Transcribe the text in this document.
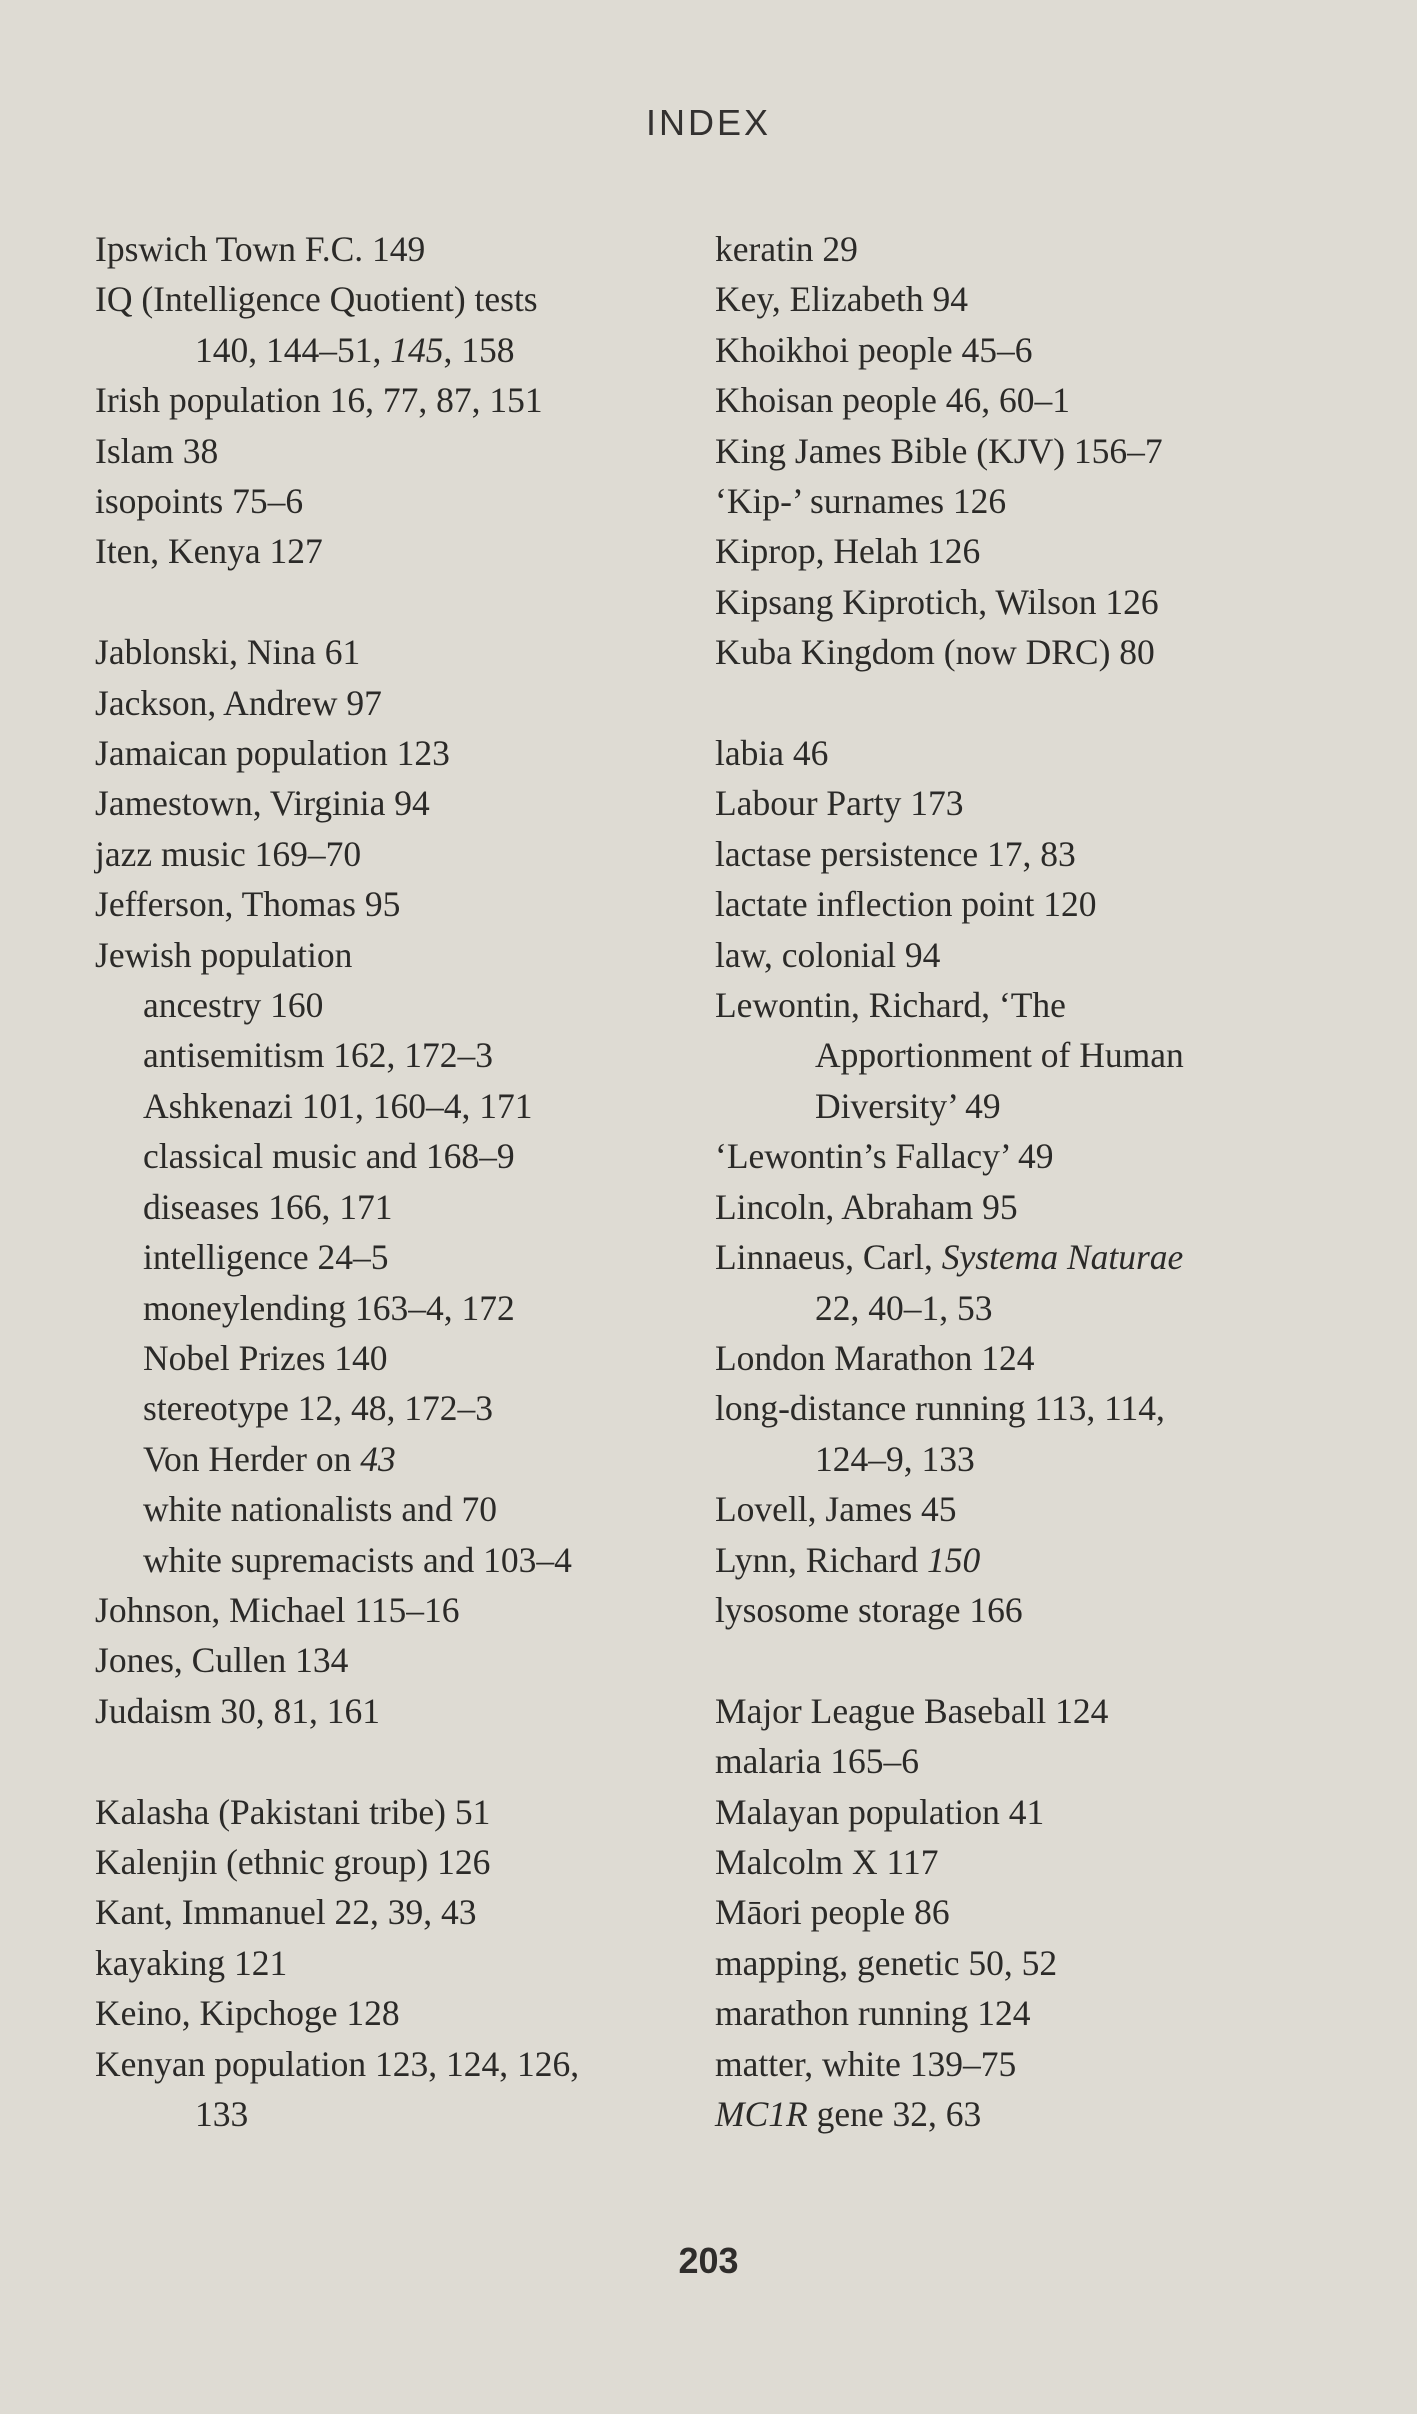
INDEX
Ipswich Town F.C. 149
IQ (Intelligence Quotient) tests
140, 144–51, 145, 158
Irish population 16, 77, 87, 151
Islam 38
isopoints 75–6
Iten, Kenya 127
Jablonski, Nina 61
Jackson, Andrew 97
Jamaican population 123
Jamestown, Virginia 94
jazz music 169–70
Jefferson, Thomas 95
Jewish population
ancestry 160
antisemitism 162, 172–3
Ashkenazi 101, 160–4, 171
classical music and 168–9
diseases 166, 171
intelligence 24–5
moneylending 163–4, 172
Nobel Prizes 140
stereotype 12, 48, 172–3
Von Herder on 43
white nationalists and 70
white supremacists and 103–4
Johnson, Michael 115–16
Jones, Cullen 134
Judaism 30, 81, 161
Kalasha (Pakistani tribe) 51
Kalenjin (ethnic group) 126
Kant, Immanuel 22, 39, 43
kayaking 121
Keino, Kipchoge 128
Kenyan population 123, 124, 126,
133
keratin 29
Key, Elizabeth 94
Khoikhoi people 45–6
Khoisan people 46, 60–1
King James Bible (KJV) 156–7
‘Kip-’ surnames 126
Kiprop, Helah 126
Kipsang Kiprotich, Wilson 126
Kuba Kingdom (now DRC) 80
labia 46
Labour Party 173
lactase persistence 17, 83
lactate inflection point 120
law, colonial 94
Lewontin, Richard, ‘The
Apportionment of Human
Diversity’ 49
‘Lewontin’s Fallacy’ 49
Lincoln, Abraham 95
Linnaeus, Carl, Systema Naturae
22, 40–1, 53
London Marathon 124
long-distance running 113, 114,
124–9, 133
Lovell, James 45
Lynn, Richard 150
lysosome storage 166
Major League Baseball 124
malaria 165–6
Malayan population 41
Malcolm X 117
Māori people 86
mapping, genetic 50, 52
marathon running 124
matter, white 139–75
MC1R gene 32, 63
203
